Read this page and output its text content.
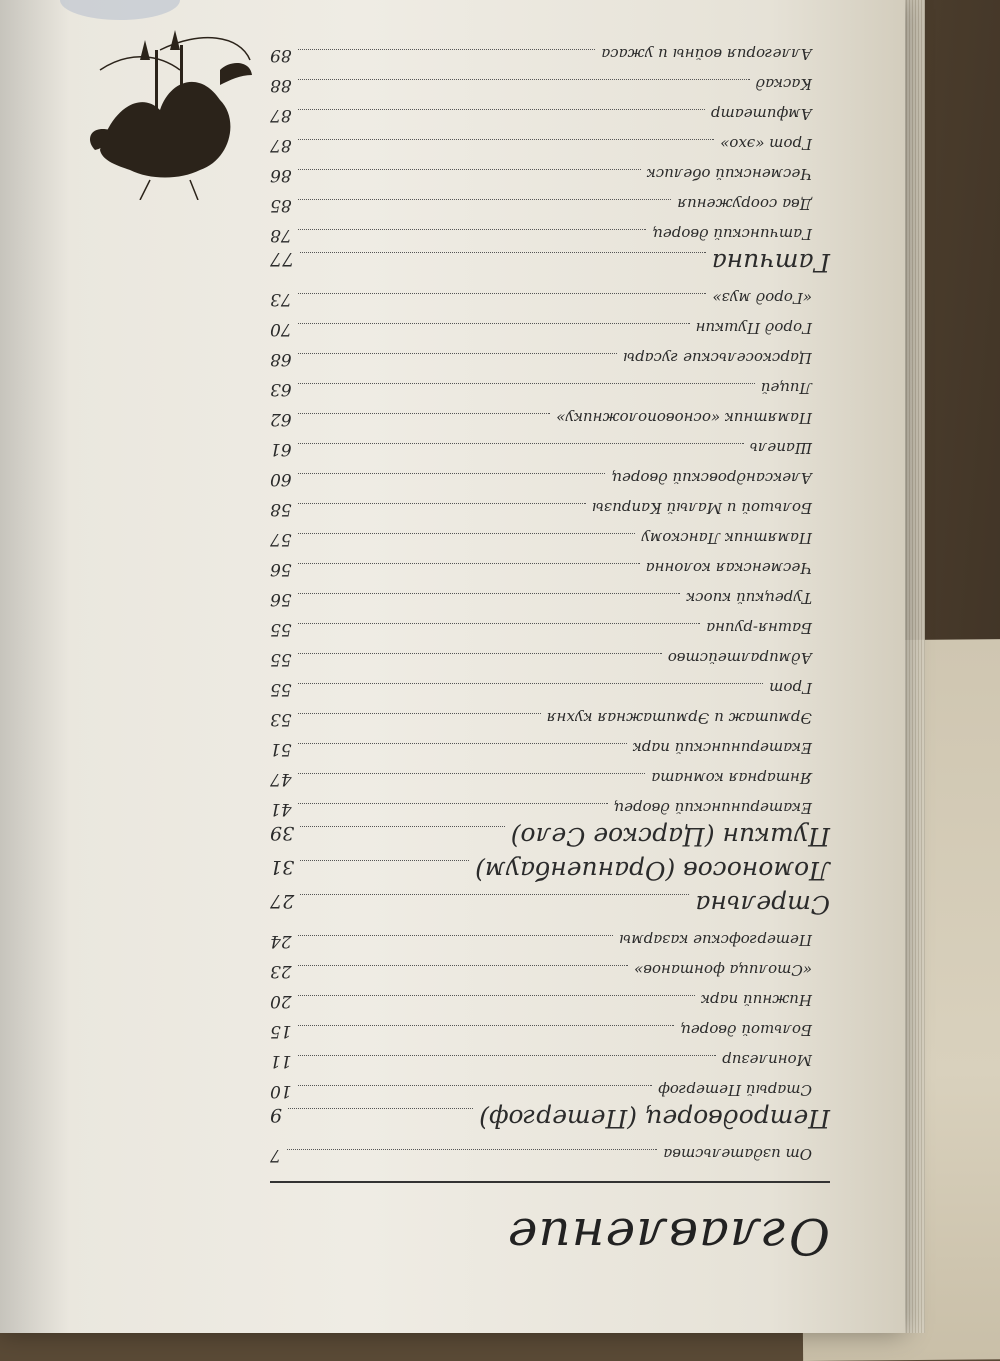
Оглавление
От издательства
7
Петродворец (Петергоф)
9
Старый Петергоф
10
Монплезир
11
Большой дворец
15
Нижний парк
20
«Столица фонтанов»
23
Петергофские казармы
24
Стрельна
27
Ломоносов (Ораниенбаум)
31
Пушкин (Царское Село)
39
Екатерининский дворец
41
Янтарная комната
47
Екатерининский парк
51
Эрмитаж и Эрмитажная кухня
53
Грот
55
Адмиралтейство
55
Башня-руина
55
Турецкий киоск
56
Чесменская колонна
56
Памятник Ланскому
57
Большой и Малый Капризы
58
Александровский дворец
60
Шапель
61
Памятник «основоположнику»
62
Лицей
63
Царскосельские гусары
68
Город Пушкин
70
«Город муз»
73
Гатчина
77
Гатчинский дворец
78
Два сооружения
85
Чесменский обелиск
86
Грот «эхо»
87
Амфитеатр
87
Каскад
88
Аллегория войны и ужаса
89
